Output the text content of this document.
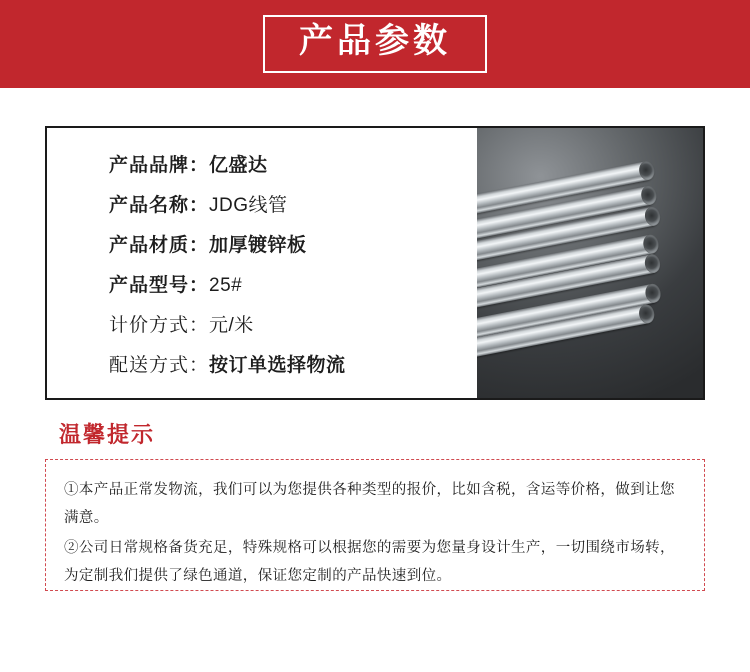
产品参数
产品品牌： 亿盛达
产品名称： JDG线管
产品材质： 加厚镀锌板
产品型号： 25#
计价方式： 元/米
配送方式： 按订单选择物流
温馨提示
①本产品正常发物流，我们可以为您提供各种类型的报价，比如含税，含运等价格，做到让您满意。
②公司日常规格备货充足，特殊规格可以根据您的需要为您量身设计生产，一切围绕市场转，为定制我们提供了绿色通道，保证您定制的产品快速到位。
